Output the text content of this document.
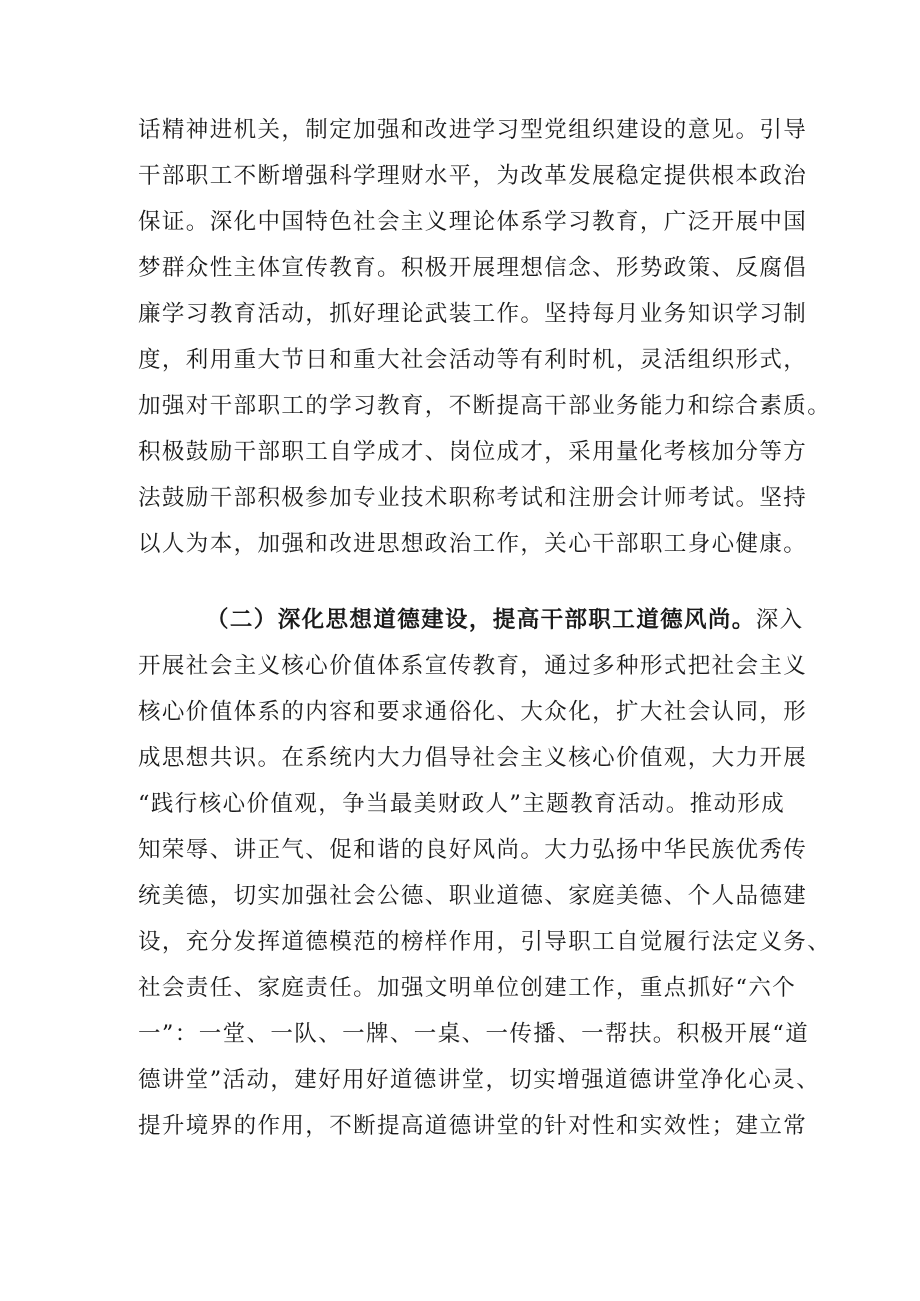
话精神进机关，制定加强和改进学习型党组织建设的意见。引导
干部职工不断增强科学理财水平，为改革发展稳定提供根本政治
保证。深化中国特色社会主义理论体系学习教育，广泛开展中国
梦群众性主体宣传教育。积极开展理想信念、形势政策、反腐倡
廉学习教育活动，抓好理论武装工作。坚持每月业务知识学习制
度，利用重大节日和重大社会活动等有利时机，灵活组织形式，
加强对干部职工的学习教育，不断提高干部业务能力和综合素质。
积极鼓励干部职工自学成才、岗位成才，采用量化考核加分等方
法鼓励干部积极参加专业技术职称考试和注册会计师考试。坚持
以人为本，加强和改进思想政治工作，关心干部职工身心健康。
（二）深化思想道德建设，提高干部职工道德风尚。深入
开展社会主义核心价值体系宣传教育，通过多种形式把社会主义
核心价值体系的内容和要求通俗化、大众化，扩大社会认同，形
成思想共识。在系统内大力倡导社会主义核心价值观，大力开展
“践行核心价值观，争当最美财政人”主题教育活动。推动形成
知荣辱、讲正气、促和谐的良好风尚。大力弘扬中华民族优秀传
统美德，切实加强社会公德、职业道德、家庭美德、个人品德建
设，充分发挥道德模范的榜样作用，引导职工自觉履行法定义务、
社会责任、家庭责任。加强文明单位创建工作，重点抓好“六个
一”：一堂、一队、一牌、一桌、一传播、一帮扶。积极开展“道
德讲堂”活动，建好用好道德讲堂，切实增强道德讲堂净化心灵、
提升境界的作用，不断提高道德讲堂的针对性和实效性；建立常
